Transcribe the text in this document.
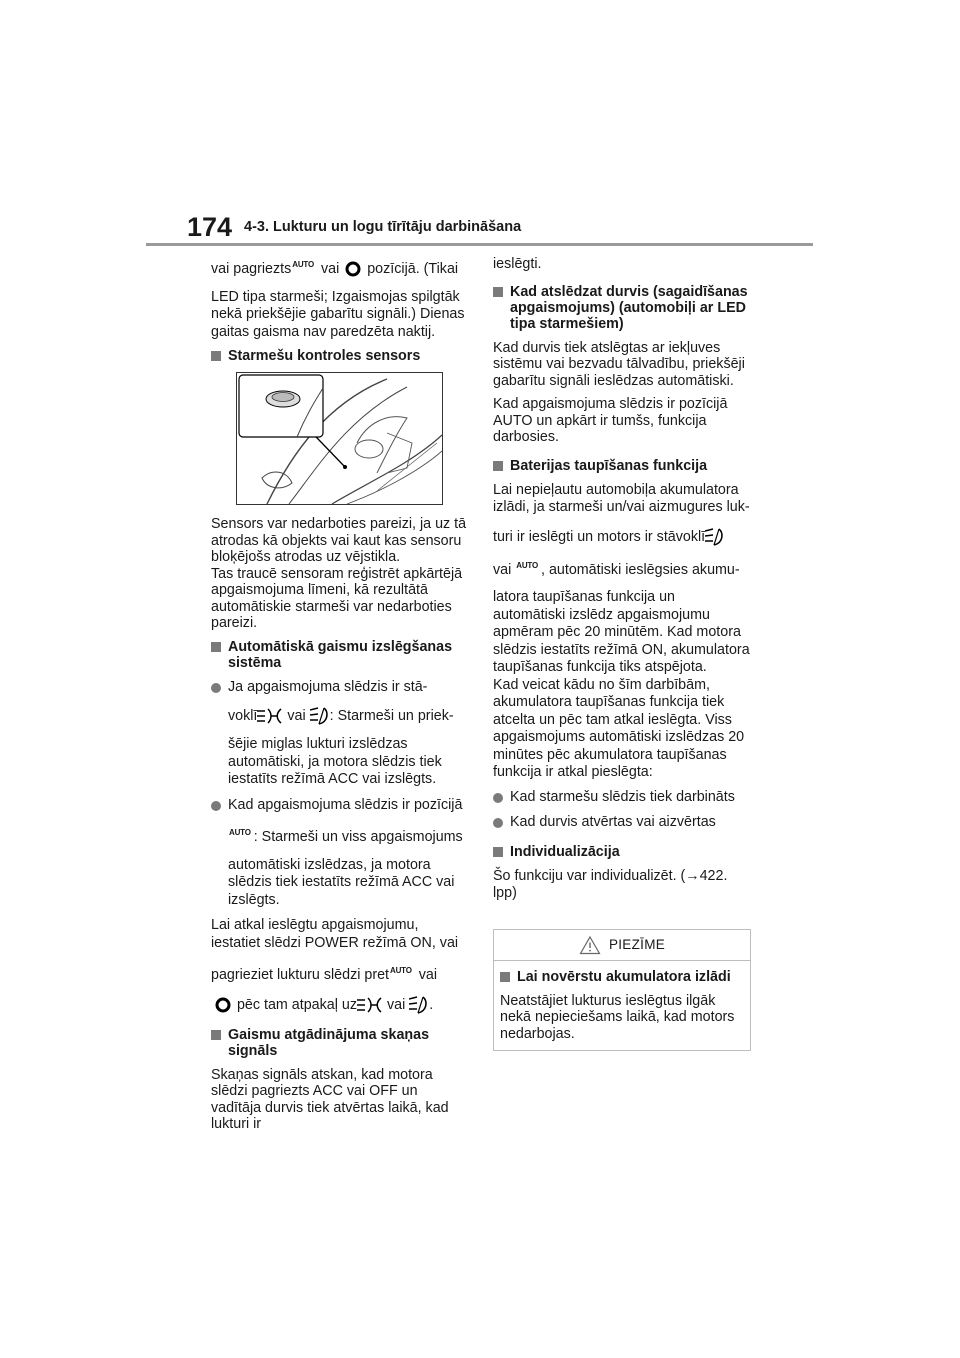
174 4-3. Lukturu un logu tīrītāju darbināšana

vai pagriezts$^{AUTO}$ vai pozīcijā. (Tikai

LED tipa starmeši; Izgaismojas spilgtāk nekā priekšējie gabarītu signāli.) Dienas gaitas gaisma nav paredzēta naktij.

Starmešu kontroles sensors

Sensors var nedarboties pareizi, ja uz tā atrodas kā objekts vai kaut kas sensoru bloķējošs atrodas uz vējstikla.

Tas traucē sensoram reģistrēt apkārtējā apgaismojuma līmeni, kā rezultātā automātiskie starmeši var nedarboties pareizi.

Automātiskā gaismu izslēgšanas sistēma

Ja apgaismojuma slēdzis ir stā-

voklī vai : Starmeši un priek-

šējie miglas lukturi izslēdzas automātiski, ja motora slēdzis tiek iestatīts režīmā ACC vai izslēgts.

Kad apgaismojuma slēdzis ir pozīcijā

$^{AUTO}$ : Starmeši un viss apgaismojums

automātiski izslēdzas, ja motora slēdzis tiek iestatīts režīmā ACC vai izslēgts.

Lai atkal ieslēgtu apgaismojumu, iestatiet slēdzi POWER režīmā ON, vai

pagrieziet lukturu slēdzi pret$^{AUTO}$ vai

pēc tam atpakaļ uz vai .

Gaismu atgādinājuma skaņas signāls

Skaņas signāls atskan, kad motora slēdzi pagriezts ACC vai OFF un vadītāja durvis tiek atvērtas laikā, kad lukturi ir

ieslēgti.

Kad atslēdzat durvis (sagaidīšanas apgaismojums) (automobiļi ar LED tipa starmešiem)

Kad durvis tiek atslēgtas ar iekļuves sistēmu vai bezvadu tālvadību, priekšēji gabarītu signāli ieslēdzas automātiski.

Kad apgaismojuma slēdzis ir pozīcijā AUTO un apkārt ir tumšs, funkcija darbosies.

Baterijas taupīšanas funkcija

Lai nepieļautu automobiļa akumulatora izlādi, ja starmeši un/vai aizmugures luk-

turi ir ieslēgti un motors ir stāvoklī

vai $^{AUTO}$ , automātiski ieslēgsies akumu-

latora taupīšanas funkcija un automātiski izslēdz apgaismojumu apmēram pēc 20 minūtēm. Kad motora slēdzis iestatīts režīmā ON, akumulatora taupīšanas funkcija tiks atspējota.

Kad veicat kādu no šīm darbībām, akumulatora taupīšanas funkcija tiek atcelta un pēc tam atkal ieslēgta. Viss apgaismojums automātiski izslēdzas 20 minūtes pēc akumulatora taupīšanas funkcija ir atkal pieslēgta:

Kad starmešu slēdzis tiek darbināts
Kad durvis atvērtas vai aizvērtas
Individualizācija

Šo funkciju var individualizēt. (→422. lpp)

PIEZĪME
Lai novērstu akumulatora izlādi

Neatstājiet lukturus ieslēgtus ilgāk nekā nepieciešams laikā, kad motors nedarbojas.
